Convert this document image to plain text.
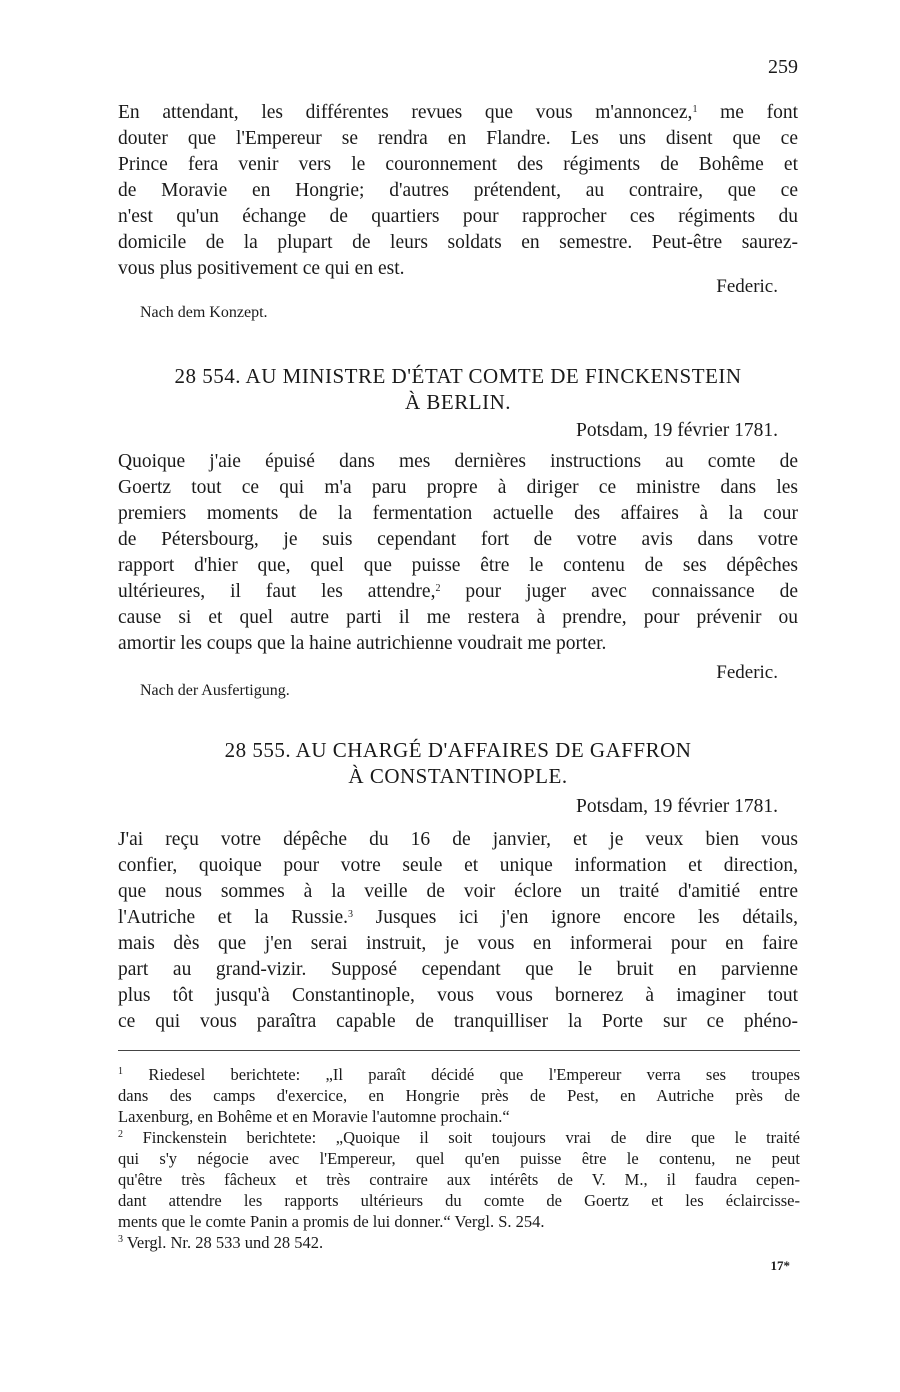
259
En attendant, les différentes revues que vous m'annoncez,$^1$ me font
douter que l'Empereur se rendra en Flandre. Les uns disent que ce
Prince fera venir vers le couronnement des régiments de Bohême et
de Moravie en Hongrie; d'autres prétendent, au contraire, que ce
n'est qu'un échange de quartiers pour rapprocher ces régiments du
domicile de la plupart de leurs soldats en semestre. Peut-être saurez-
vous plus positivement ce qui en est.
Federic.
Nach dem Konzept.
28 554. AU MINISTRE D'ÉTAT COMTE DE FINCKENSTEIN
À BERLIN.
Potsdam, 19 février 1781.
Quoique j'aie épuisé dans mes dernières instructions au comte de
Goertz tout ce qui m'a paru propre à diriger ce ministre dans les
premiers moments de la fermentation actuelle des affaires à la cour
de Pétersbourg, je suis cependant fort de votre avis dans votre
rapport d'hier que, quel que puisse être le contenu de ses dépêches
ultérieures, il faut les attendre,$^2$ pour juger avec connaissance de
cause si et quel autre parti il me restera à prendre, pour prévenir ou
amortir les coups que la haine autrichienne voudrait me porter.
Federic.
Nach der Ausfertigung.
28 555. AU CHARGÉ D'AFFAIRES DE GAFFRON
À CONSTANTINOPLE.
Potsdam, 19 février 1781.
J'ai reçu votre dépêche du 16 de janvier, et je veux bien vous
confier, quoique pour votre seule et unique information et direction,
que nous sommes à la veille de voir éclore un traité d'amitié entre
l'Autriche et la Russie.$^3$ Jusques ici j'en ignore encore les détails,
mais dès que j'en serai instruit, je vous en informerai pour en faire
part au grand-vizir. Supposé cependant que le bruit en parvienne
plus tôt jusqu'à Constantinople, vous vous bornerez à imaginer tout
ce qui vous paraîtra capable de tranquilliser la Porte sur ce phéno-
$^1$ Riedesel berichtete: „Il paraît décidé que l'Empereur verra ses troupes
dans des camps d'exercice, en Hongrie près de Pest, en Autriche près de
Laxenburg, en Bohême et en Moravie l'automne prochain.“
$^2$ Finckenstein berichtete: „Quoique il soit toujours vrai de dire que le traité
qui s'y négocie avec l'Empereur, quel qu'en puisse être le contenu, ne peut
qu'être très fâcheux et très contraire aux intérêts de V. M., il faudra cepen-
dant attendre les rapports ultérieurs du comte de Goertz et les éclaircisse-
ments que le comte Panin a promis de lui donner.“ Vergl. S. 254.
$^3$ Vergl. Nr. 28 533 und 28 542.
17*
